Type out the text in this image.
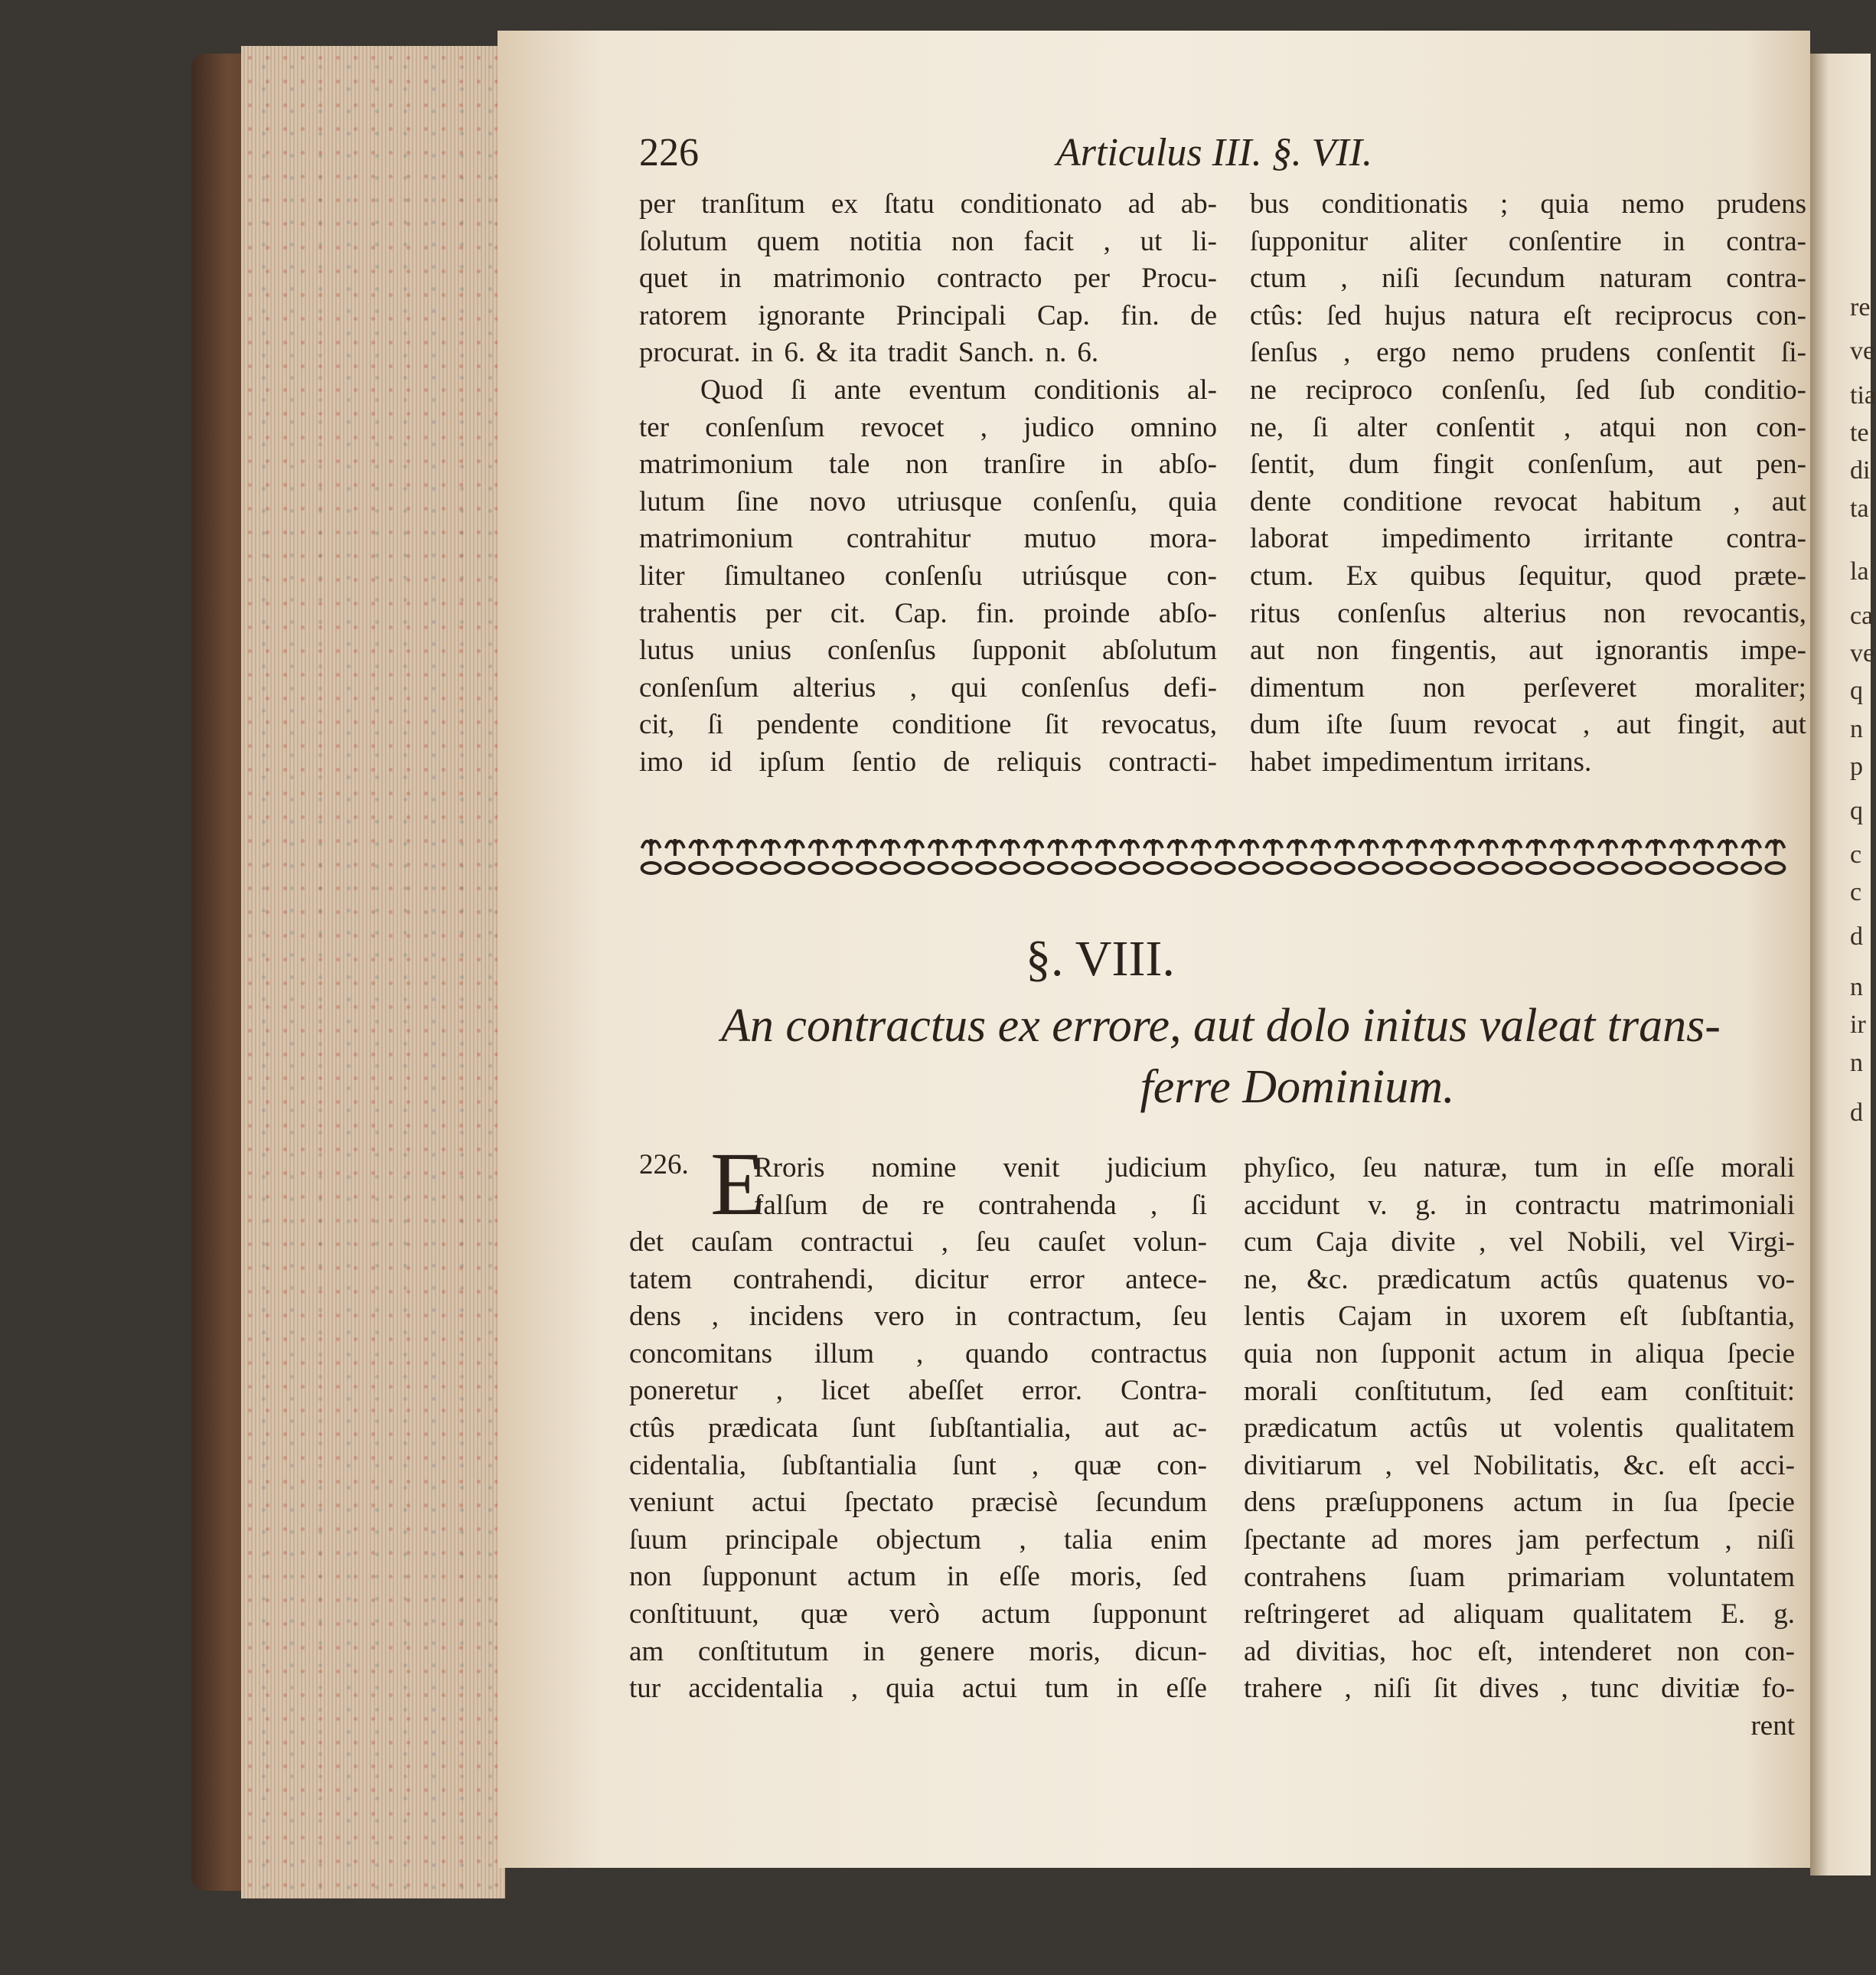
re
ve
tia
te
di
ta
la
ca
ve
q
n
p
q
c
c
d
n
ir
n
d
226	Articulus III. §. VII.
per tranſitum ex ſtatu conditionato ad ab-
ſolutum quem notitia non facit , ut li-
quet in matrimonio contracto per Procu-
ratorem ignorante Principali Cap. fin. de
procurat. in 6. & ita tradit Sanch. n. 6.
Quod ſi ante eventum conditionis al-
ter conſenſum revocet , judico omnino
matrimonium tale non tranſire in abſo-
lutum ſine novo utriusque conſenſu, quia
matrimonium contrahitur mutuo mora-
liter ſimultaneo conſenſu utriúsque con-
trahentis per cit. Cap. fin. proinde abſo-
lutus unius conſenſus ſupponit abſolutum
conſenſum alterius , qui conſenſus defi-
cit, ſi pendente conditione ſit revocatus,
imo id ipſum ſentio de reliquis contracti-
bus conditionatis ; quia nemo prudens
ſupponitur aliter conſentire in contra-
ctum , niſi ſecundum naturam contra-
ctûs: ſed hujus natura eſt reciprocus con-
ſenſus , ergo nemo prudens conſentit ſi-
ne reciproco conſenſu, ſed ſub conditio-
ne, ſi alter conſentit , atqui non con-
ſentit, dum fingit conſenſum, aut pen-
dente conditione revocat habitum , aut
laborat impedimento irritante contra-
ctum. Ex quibus ſequitur, quod præte-
ritus conſenſus alterius non revocantis,
aut non fingentis, aut ignorantis impe-
dimentum non perſeveret moraliter;
dum iſte ſuum revocat , aut fingit, aut
habet impedimentum irritans.
§. VIII.
An contractus ex errore, aut dolo initus valeat trans-
ferre Dominium.
226. E
Rroris nomine venit judicium
falſum de re contrahenda , ſi
det cauſam contractui , ſeu cauſet volun-
tatem contrahendi, dicitur error antece-
dens , incidens vero in contractum, ſeu
concomitans illum , quando contractus
poneretur , licet abeſſet error. Contra-
ctûs prædicata ſunt ſubſtantialia, aut ac-
cidentalia, ſubſtantialia ſunt , quæ con-
veniunt actui ſpectato præcisè ſecundum
ſuum principale objectum , talia enim
non ſupponunt actum in eſſe moris, ſed
conſtituunt, quæ verò actum ſupponunt
am conſtitutum in genere moris, dicun-
tur accidentalia , quia actui tum in eſſe
phyſico, ſeu naturæ, tum in eſſe morali
accidunt v. g. in contractu matrimoniali
cum Caja divite , vel Nobili, vel Virgi-
ne, &c. prædicatum actûs quatenus vo-
lentis Cajam in uxorem eſt ſubſtantia,
quia non ſupponit actum in aliqua ſpecie
morali conſtitutum, ſed eam conſtituit:
prædicatum actûs ut volentis qualitatem
divitiarum , vel Nobilitatis, &c. eſt acci-
dens præſupponens actum in ſua ſpecie
ſpectante ad mores jam perfectum , niſi
contrahens ſuam primariam voluntatem
reſtringeret ad aliquam qualitatem E. g.
ad divitias, hoc eſt, intenderet non con-
trahere , niſi ſit dives , tunc divitiæ fo-
rent
